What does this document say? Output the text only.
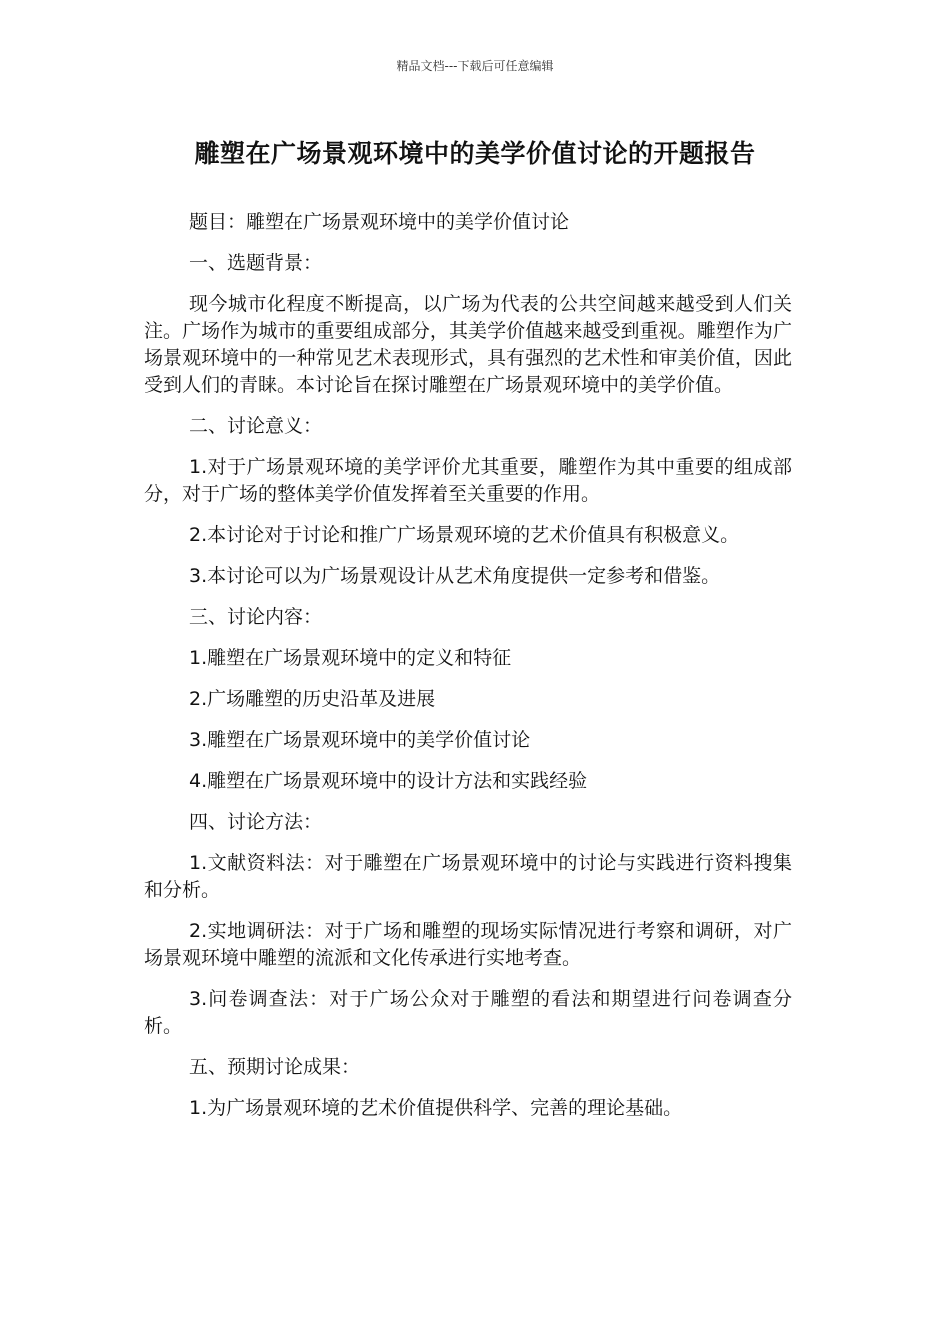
精品文档---下载后可任意编辑
雕塑在广场景观环境中的美学价值讨论的开题报告

题目：雕塑在广场景观环境中的美学价值讨论

一、选题背景：

现今城市化程度不断提高，以广场为代表的公共空间越来越受到人们关注。广场作为城市的重要组成部分，其美学价值越来越受到重视。雕塑作为广场景观环境中的一种常见艺术表现形式，具有强烈的艺术性和审美价值，因此受到人们的青睐。本讨论旨在探讨雕塑在广场景观环境中的美学价值。

二、讨论意义：

1.对于广场景观环境的美学评价尤其重要，雕塑作为其中重要的组成部分，对于广场的整体美学价值发挥着至关重要的作用。

2.本讨论对于讨论和推广广场景观环境的艺术价值具有积极意义。

3.本讨论可以为广场景观设计从艺术角度提供一定参考和借鉴。

三、讨论内容：

1.雕塑在广场景观环境中的定义和特征

2.广场雕塑的历史沿革及进展

3.雕塑在广场景观环境中的美学价值讨论

4.雕塑在广场景观环境中的设计方法和实践经验

四、讨论方法：

1.文献资料法：对于雕塑在广场景观环境中的讨论与实践进行资料搜集和分析。

2.实地调研法：对于广场和雕塑的现场实际情况进行考察和调研，对广场景观环境中雕塑的流派和文化传承进行实地考查。

3.问卷调查法：对于广场公众对于雕塑的看法和期望进行问卷调查分析。

五、预期讨论成果：

1.为广场景观环境的艺术价值提供科学、完善的理论基础。
